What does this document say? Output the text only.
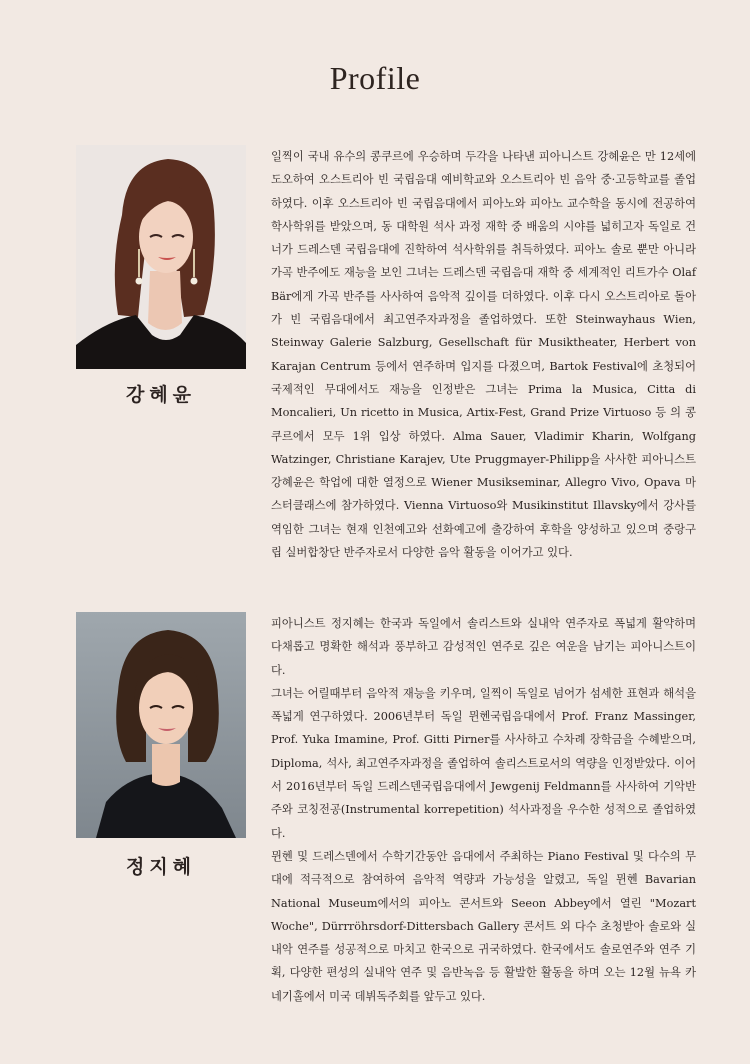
Profile
강혜윤

일찍이 국내 유수의 콩쿠르에 우승하며 두각을 나타낸 피아니스트 강혜윤은 만 12세에 도오하여 오스트리아 빈 국립음대 예비학교와 오스트리아 빈 음악 중·고등학교를 졸업하였다. 이후 오스트리아 빈 국립음대에서 피아노와 피아노 교수학을 동시에 전공하여 학사학위를 받았으며, 동 대학원 석사 과정 재학 중 배움의 시야를 넓히고자 독일로 건너가 드레스덴 국립음대에 진학하여 석사학위를 취득하였다. 피아노 솔로 뿐만 아니라 가곡 반주에도 재능을 보인 그녀는 드레스덴 국립음대 재학 중 세계적인 리트가수 Olaf Bär에게 가곡 반주를 사사하여 음악적 깊이를 더하였다. 이후 다시 오스트리아로 돌아가 빈 국립음대에서 최고연주자과정을 졸업하였다. 또한 Steinwayhaus Wien, Steinway Galerie Salzburg, Gesellschaft für Musiktheater, Herbert von Karajan Centrum 등에서 연주하며 입지를 다졌으며, Bartok Festival에 초청되어 국제적인 무대에서도 재능을 인정받은 그녀는 Prima la Musica, Citta di Moncalieri, Un ricetto in Musica, Artix-Fest, Grand Prize Virtuoso 등 의 콩쿠르에서 모두 1위 입상 하였다. Alma Sauer, Vladimir Kharin, Wolfgang Watzinger, Christiane Karajev, Ute Pruggmayer-Philipp을 사사한 피아니스트 강혜윤은 학업에 대한 열정으로 Wiener Musikseminar, Allegro Vivo, Opava 마스터클래스에 참가하였다. Vienna Virtuoso와 Musikinstitut Illavsky에서 강사를 역임한 그녀는 현재 인천예고와 선화예고에 출강하여 후학을 양성하고 있으며 중랑구립 실버합창단 반주자로서 다양한 음악 활동을 이어가고 있다.

정지혜

피아니스트 정지혜는 한국과 독일에서 솔리스트와 실내악 연주자로 폭넓게 활약하며 다채롭고 명확한 해석과 풍부하고 감성적인 연주로 깊은 여운을 남기는 피아니스트이다.

그녀는 어릴때부터 음악적 재능을 키우며, 일찍이 독일로 넘어가 섬세한 표현과 해석을 폭넓게 연구하였다. 2006년부터 독일 뮌헨국립음대에서 Prof. Franz Massinger, Prof. Yuka Imamine, Prof. Gitti Pirner를 사사하고 수차례 장학금을 수혜받으며, Diploma, 석사, 최고연주자과정을 졸업하여 솔리스트로서의 역량을 인정받았다. 이어서 2016년부터 독일 드레스덴국립음대에서 Jewgenij Feldmann를 사사하여 기악반주와 코칭전공(Instrumental korrepetition) 석사과정을 우수한 성적으로 졸업하였다.

뮌헨 및 드레스덴에서 수학기간동안 음대에서 주최하는 Piano Festival 및 다수의 무대에 적극적으로 참여하여 음악적 역량과 가능성을 알렸고, 독일 뮌헨 Bavarian National Museum에서의 피아노 콘서트와 Seeon Abbey에서 열린 "Mozart Woche", Dürrröhrsdorf-Dittersbach Gallery 콘서트 외 다수 초청받아 솔로와 실내악 연주를 성공적으로 마치고 한국으로 귀국하였다. 한국에서도 솔로연주와 연주 기획, 다양한 편성의 실내악 연주 및 음반녹음 등 활발한 활동을 하며 오는 12월 뉴욕 카네기홀에서 미국 데뷔독주회를 앞두고 있다.
